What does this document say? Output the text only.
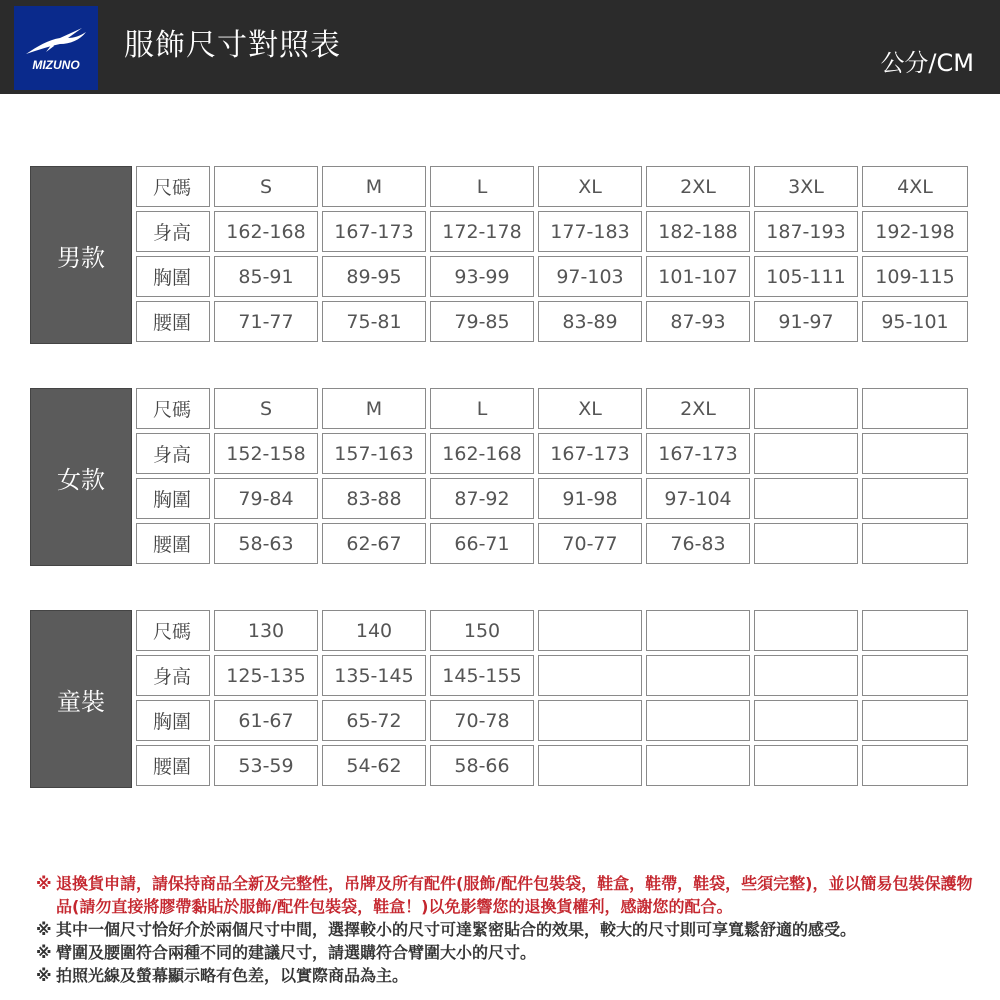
MIZUNO
服飾尺寸對照表	公分/CM
男款
尺碼	S	M	L	XL	2XL	3XL	4XL
身高	162-168	167-173	172-178	177-183	182-188	187-193	192-198
胸圍	85-91	89-95	93-99	97-103	101-107	105-111	109-115
腰圍	71-77	75-81	79-85	83-89	87-93	91-97	95-101
女款
尺碼	S	M	L	XL	2XL
身高	152-158	157-163	162-168	167-173	167-173
胸圍	79-84	83-88	87-92	91-98	97-104
腰圍	58-63	62-67	66-71	70-77	76-83
童裝
尺碼	130	140	150
身高	125-135	135-145	145-155
胸圍	61-67	65-72	70-78
腰圍	53-59	54-62	58-66
※ 退換貨申請，請保持商品全新及完整性，吊牌及所有配件(服飾/配件包裝袋，鞋盒，鞋帶，鞋袋，些須完整)，並以簡易包裝保護物品(請勿直接將膠帶黏貼於服飾/配件包裝袋，鞋盒！)以免影響您的退換貨權利，感謝您的配合。
※ 其中一個尺寸恰好介於兩個尺寸中間，選擇較小的尺寸可達緊密貼合的效果，較大的尺寸則可享寬鬆舒適的感受。
※ 臂圍及腰圍符合兩種不同的建議尺寸，請選購符合臂圍大小的尺寸。
※ 拍照光線及螢幕顯示略有色差，以實際商品為主。
